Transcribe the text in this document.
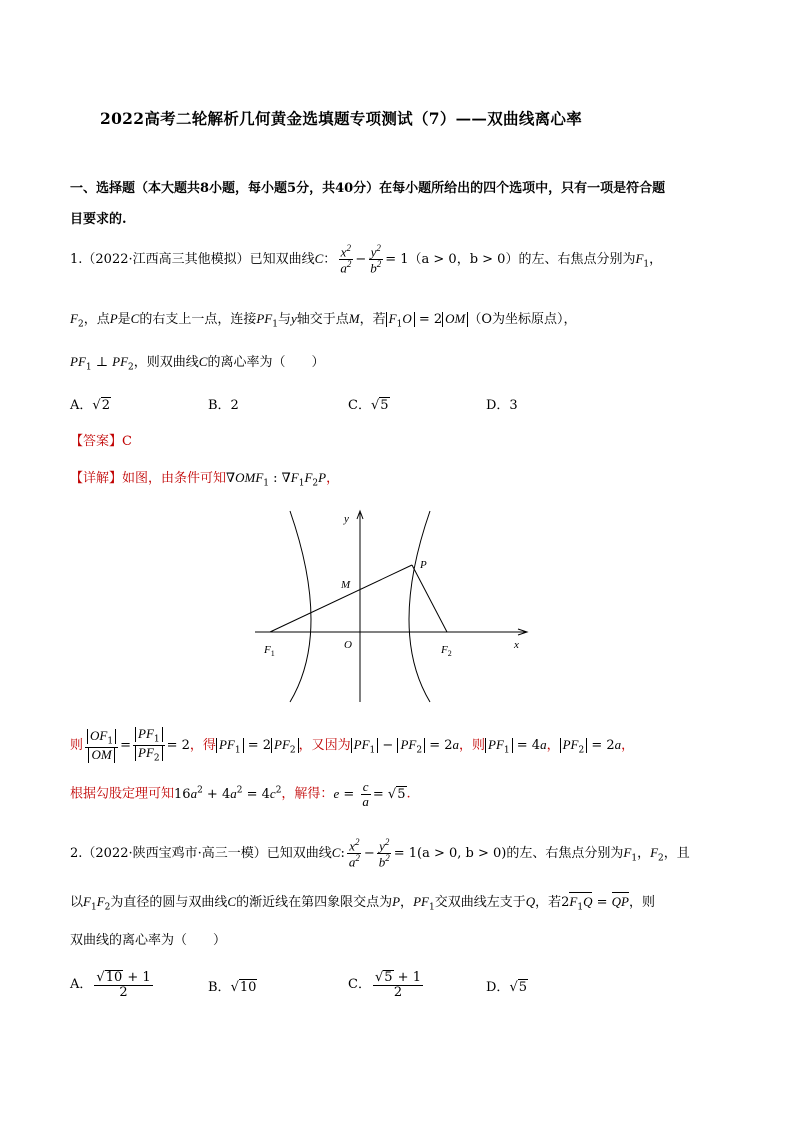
2022高考二轮解析几何黄金选填题专项测试（7）——双曲线离心率
一、选择题（本大题共8小题，每小题5分，共40分）在每小题所给出的四个选项中，只有一项是符合题
目要求的.
1.（2022·江西高三其他模拟）已知双曲线C： $\frac{x^2}{a^2} - \frac{y^2}{b^2} = 1(a > 0$，b > 0）的左、右焦点分别为$F_1$，
$F_2$，点P是C的右支上一点，连接$PF_1$与y轴交于点M，若 $F_1O = 2$ OM （O为坐标原点），
$PF_1$ ⊥ $PF_2$，则双曲线C的离心率为（　　）
A．√2	B．2	C．√5	D．3
【答案】C
【详解】如图，由条件可知$\nabla OMF_1$ : $\nabla F_1F_2P$，
y
x
P
M
O
$F_1$	$F_2$
则 $\frac{OF_1}{OM} = \frac{PF_1}{PF_2} = 2$，得 $PF_1 = 2$ $PF_2$ ，又因为 $PF_1 - PF_2 = 2a$，则 $PF_1 = 4a$， $PF_2 = 2a$，
根据勾股定理可知$16a^2 + 4a^2 = 4c^2$，解得：$e = \frac{c}{a} = √5$.
2.（2022·陕西宝鸡市·高三一模）已知双曲线C: $\frac{x^2}{a^2} - \frac{y^2}{b^2} = 1(a > 0$, b > 0)的左、右焦点分别为$F_1$，$F_2$，且
以$F_1F_2$为直径的圆与双曲线C的渐近线在第四象限交点为P，$PF_1$交双曲线左支于Q，若$2F_1Q$ = QP，则
双曲线的离心率为（　　）
A． $\frac{√10 + 1}{2}$	B．√10	C． $\frac{√5 + 1}{2}$	D．√5
